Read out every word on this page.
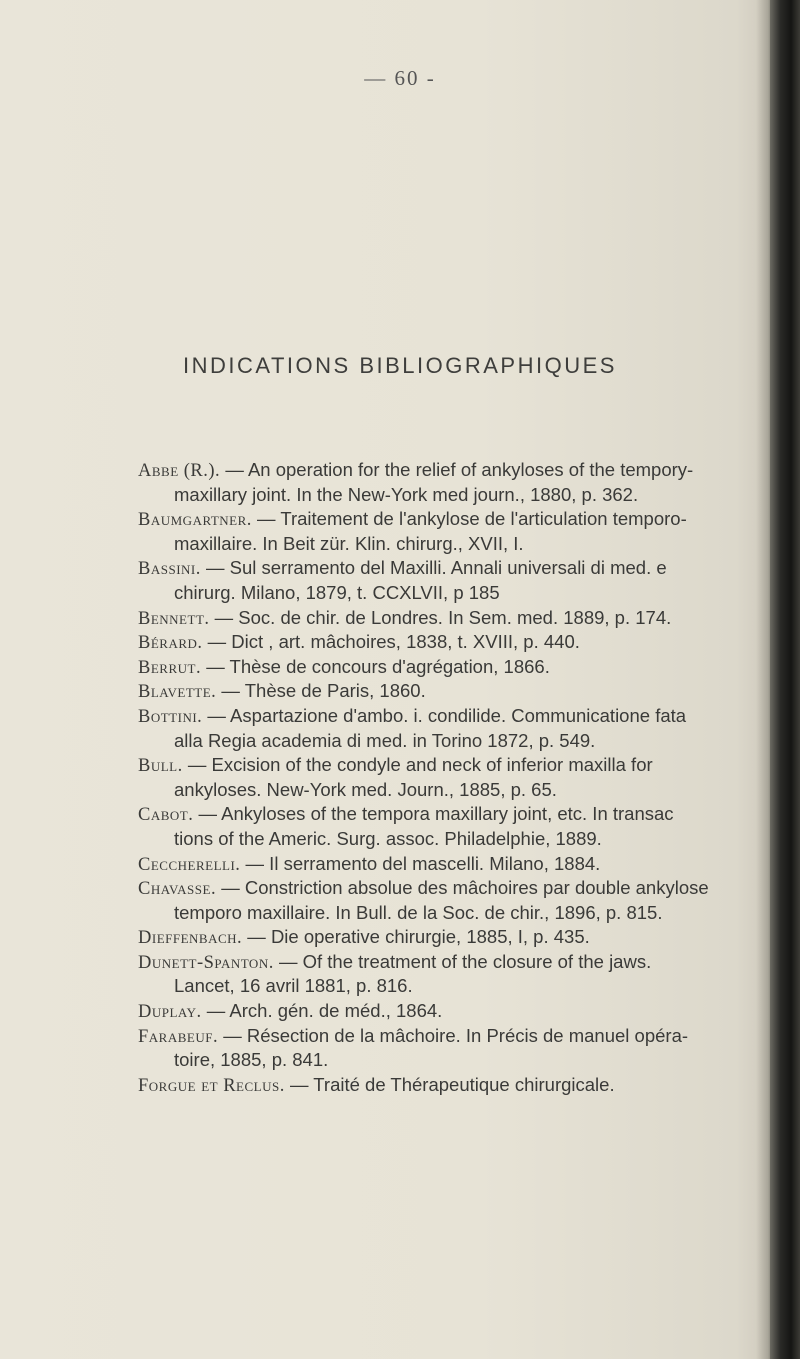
— 60 -
INDICATIONS BIBLIOGRAPHIQUES
Abbe (R.). — An operation for the relief of ankyloses of the tempory-
maxillary joint. In the New-York med journ., 1880, p. 362.
Baumgartner. — Traitement de l'ankylose de l'articulation temporo-
maxillaire. In Beit zür. Klin. chirurg., XVII, I.
Bassini. — Sul serramento del Maxilli. Annali universali di med. e
chirurg. Milano, 1879, t. CCXLVII, p 185
Bennett. — Soc. de chir. de Londres. In Sem. med. 1889, p. 174.
Bérard. — Dict , art. mâchoires, 1838, t. XVIII, p. 440.
Berrut. — Thèse de concours d'agrégation, 1866.
Blavette. — Thèse de Paris, 1860.
Bottini. — Aspartazione d'ambo. i. condilide. Communicatione fata
alla Regia academia di med. in Torino 1872, p. 549.
Bull. — Excision of the condyle and neck of inferior maxilla for
ankyloses. New-York med. Journ., 1885, p. 65.
Cabot. — Ankyloses of the tempora maxillary joint, etc. In transac
tions of the Americ. Surg. assoc. Philadelphie, 1889.
Ceccherelli. — Il serramento del mascelli. Milano, 1884.
Chavasse. — Constriction absolue des mâchoires par double ankylose
temporo maxillaire. In Bull. de la Soc. de chir., 1896, p. 815.
Dieffenbach. — Die operative chirurgie, 1885, I, p. 435.
Dunett-Spanton. — Of the treatment of the closure of the jaws.
Lancet, 16 avril 1881, p. 816.
Duplay. — Arch. gén. de méd., 1864.
Farabeuf. — Résection de la mâchoire. In Précis de manuel opéra-
toire, 1885, p. 841.
Forgue et Reclus. — Traité de Thérapeutique chirurgicale.
